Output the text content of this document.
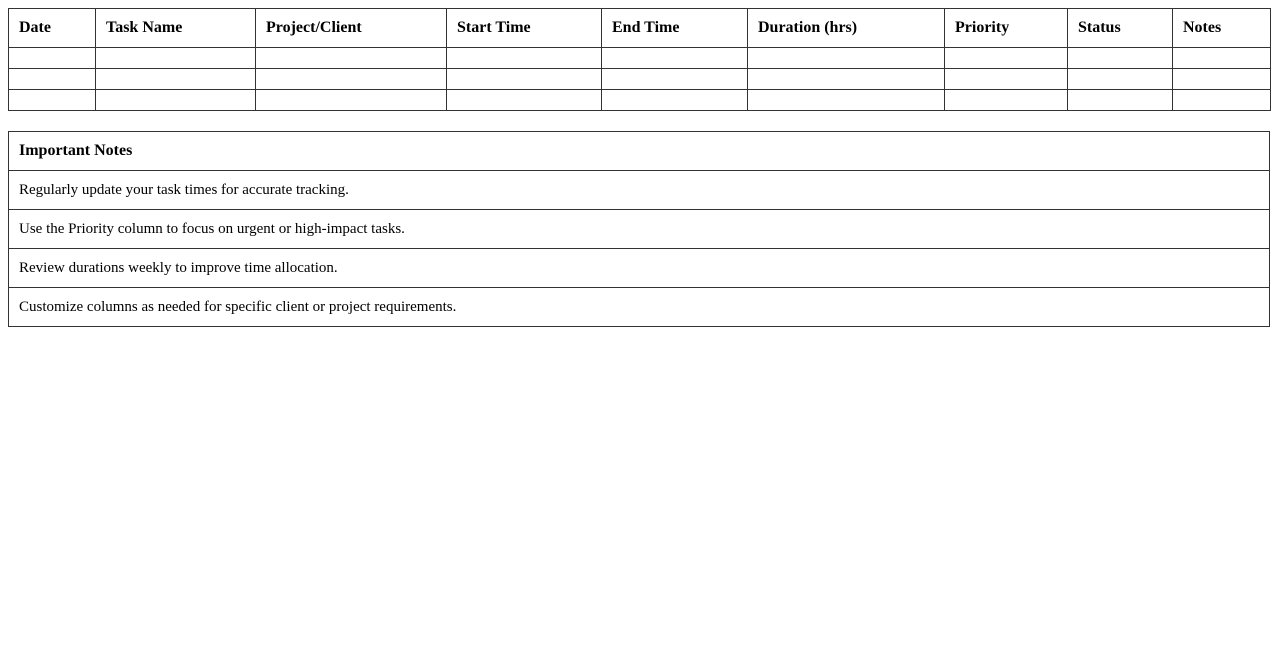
Date	Task Name	Project/Client	Start Time	End Time	Duration (hrs)	Priority	Status	Notes

Important Notes
Regularly update your task times for accurate tracking.
Use the Priority column to focus on urgent or high-impact tasks.
Review durations weekly to improve time allocation.
Customize columns as needed for specific client or project requirements.
